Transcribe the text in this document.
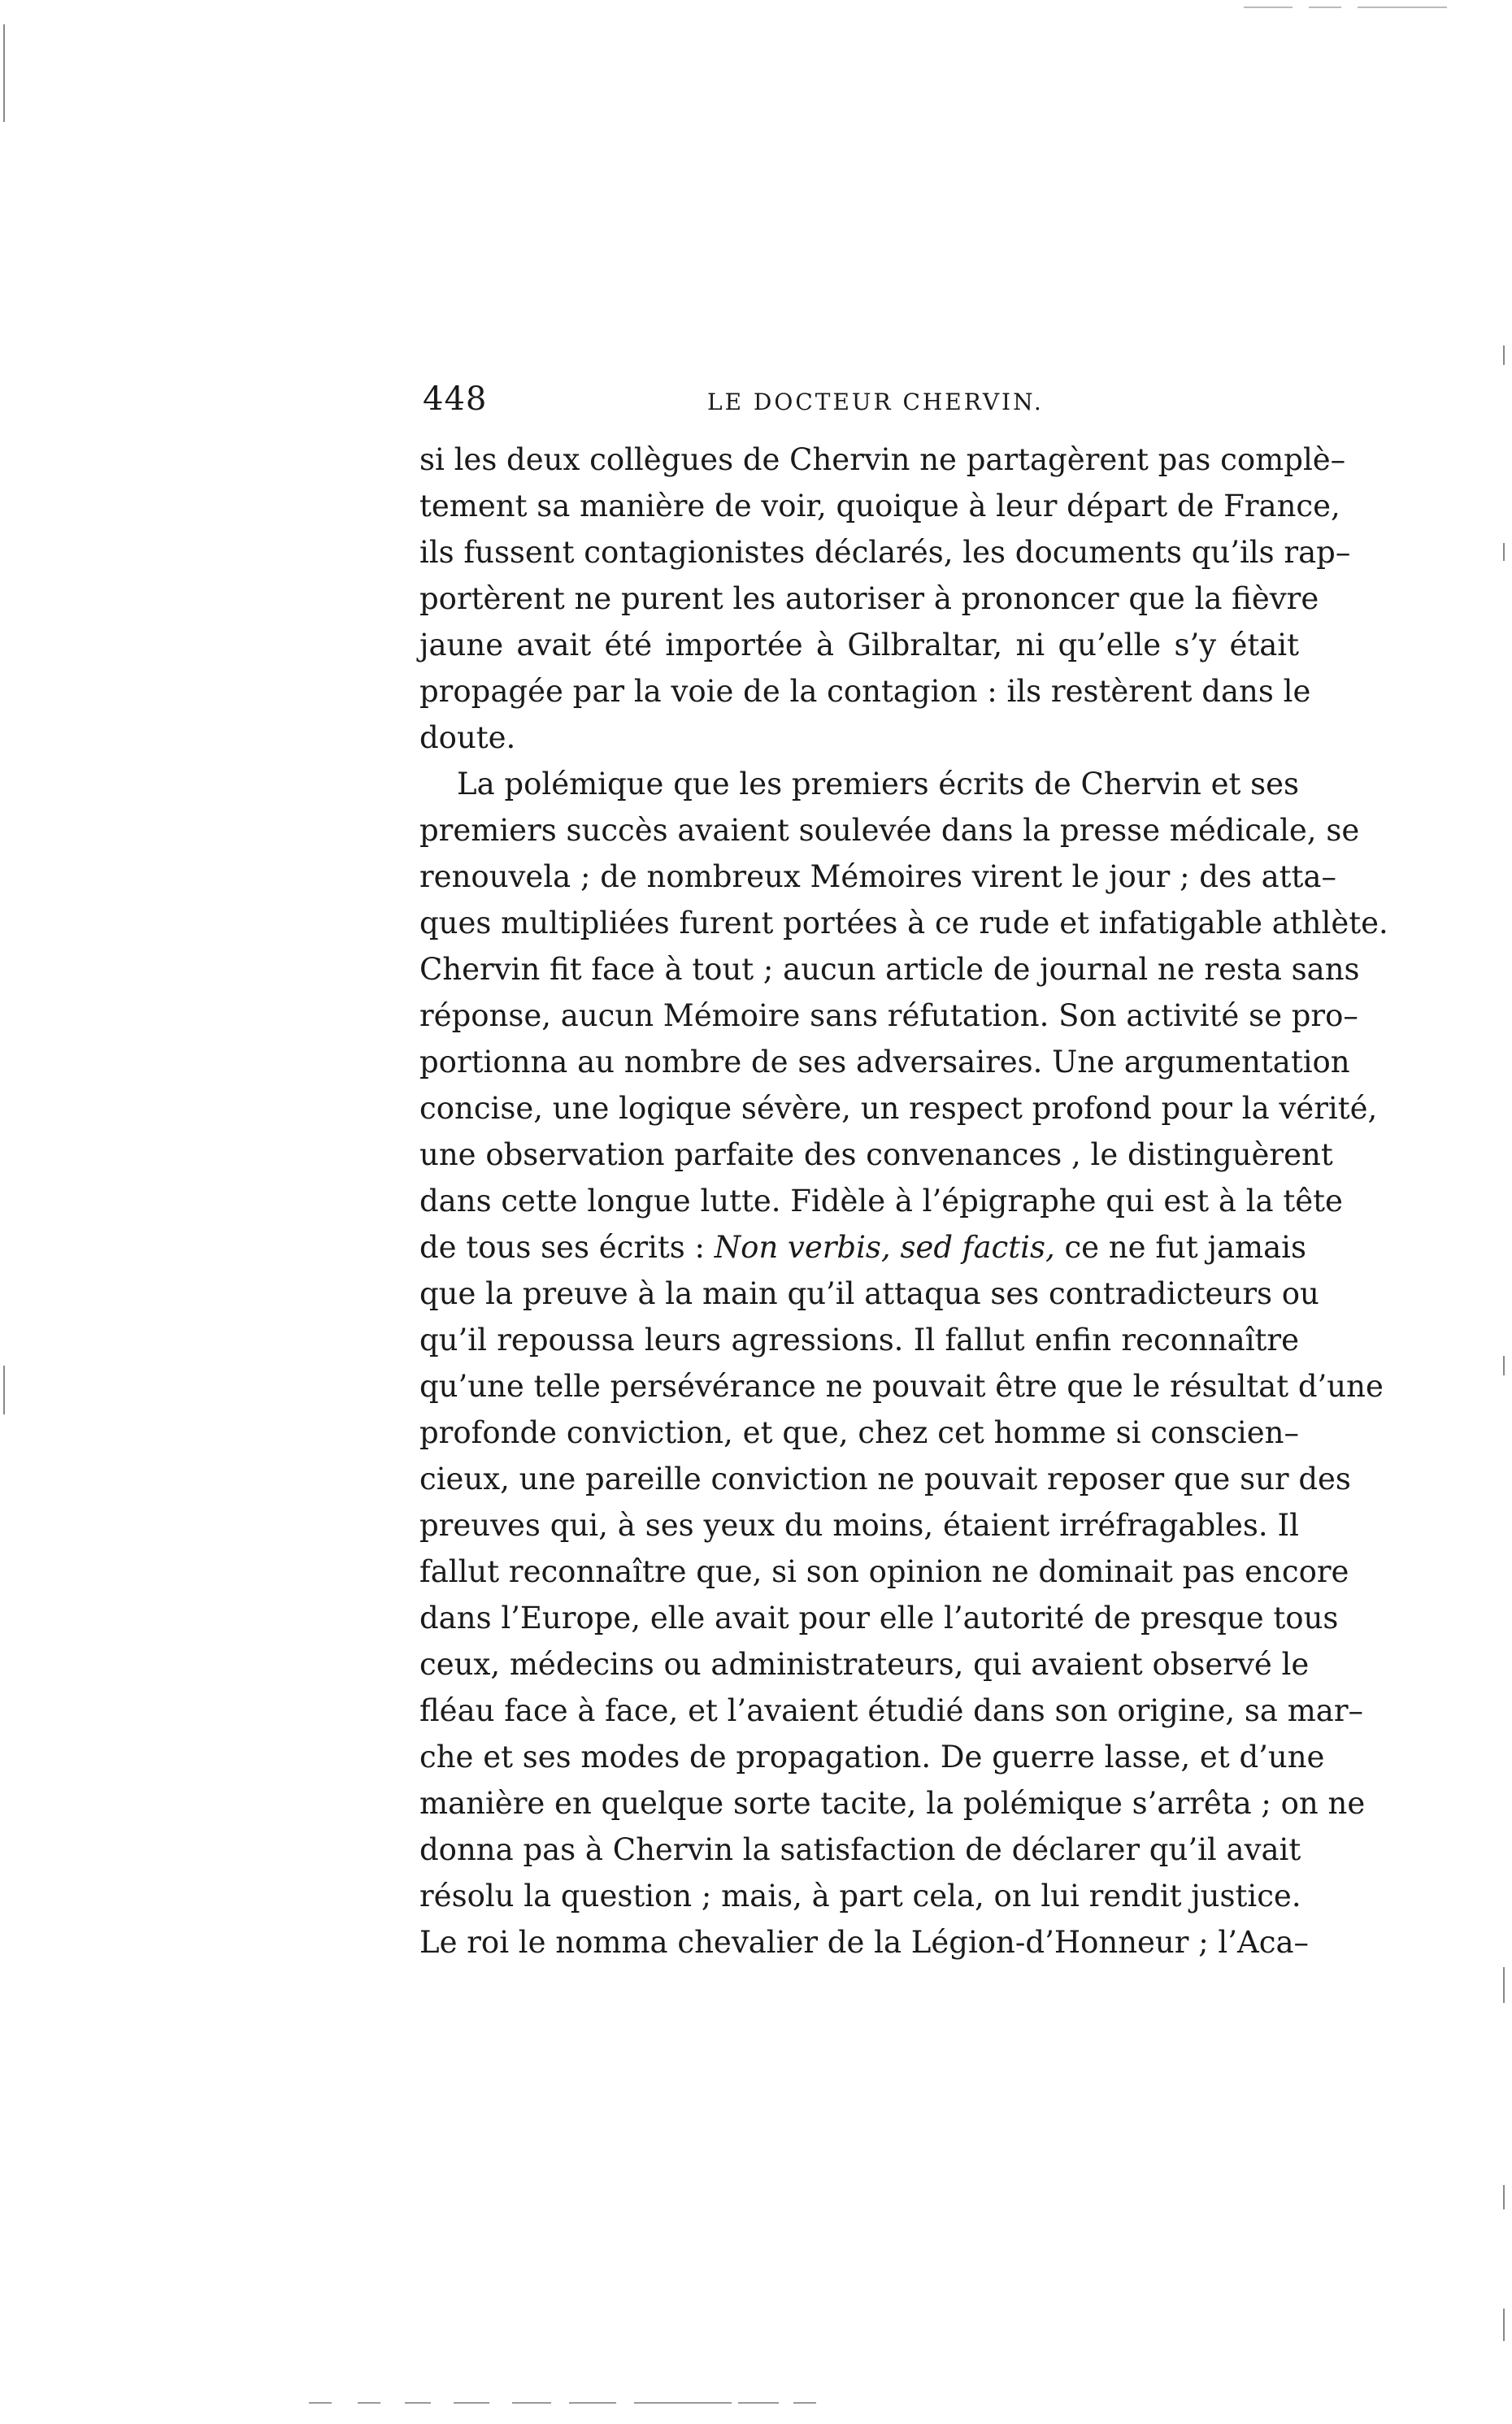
448	LE DOCTEUR CHERVIN.
si les deux collègues de Chervin ne partagèrent pas complè–
tement sa manière de voir, quoique à leur départ de France,
ils fussent contagionistes déclarés, les documents qu’ils rap–
portèrent ne purent les autoriser à prononcer que la fièvre
jaune avait été importée à Gilbraltar, ni qu’elle s’y était
propagée par la voie de la contagion : ils restèrent dans le
doute.
La polémique que les premiers écrits de Chervin et ses
premiers succès avaient soulevée dans la presse médicale, se
renouvela ; de nombreux Mémoires virent le jour ; des atta–
ques multipliées furent portées à ce rude et infatigable athlète.
Chervin fit face à tout ; aucun article de journal ne resta sans
réponse, aucun Mémoire sans réfutation. Son activité se pro–
portionna au nombre de ses adversaires. Une argumentation
concise, une logique sévère, un respect profond pour la vérité,
une observation parfaite des convenances , le distinguèrent
dans cette longue lutte. Fidèle à l’épigraphe qui est à la tête
de tous ses écrits : Non verbis, sed factis, ce ne fut jamais
que la preuve à la main qu’il attaqua ses contradicteurs ou
qu’il repoussa leurs agressions. Il fallut enfin reconnaître
qu’une telle persévérance ne pouvait être que le résultat d’une
profonde conviction, et que, chez cet homme si conscien–
cieux, une pareille conviction ne pouvait reposer que sur des
preuves qui, à ses yeux du moins, étaient irréfragables. Il
fallut reconnaître que, si son opinion ne dominait pas encore
dans l’Europe, elle avait pour elle l’autorité de presque tous
ceux, médecins ou administrateurs, qui avaient observé le
fléau face à face, et l’avaient étudié dans son origine, sa mar–
che et ses modes de propagation. De guerre lasse, et d’une
manière en quelque sorte tacite, la polémique s’arrêta ; on ne
donna pas à Chervin la satisfaction de déclarer qu’il avait
résolu la question ; mais, à part cela, on lui rendit justice.
Le roi le nomma chevalier de la Légion-d’Honneur ; l’Aca–
